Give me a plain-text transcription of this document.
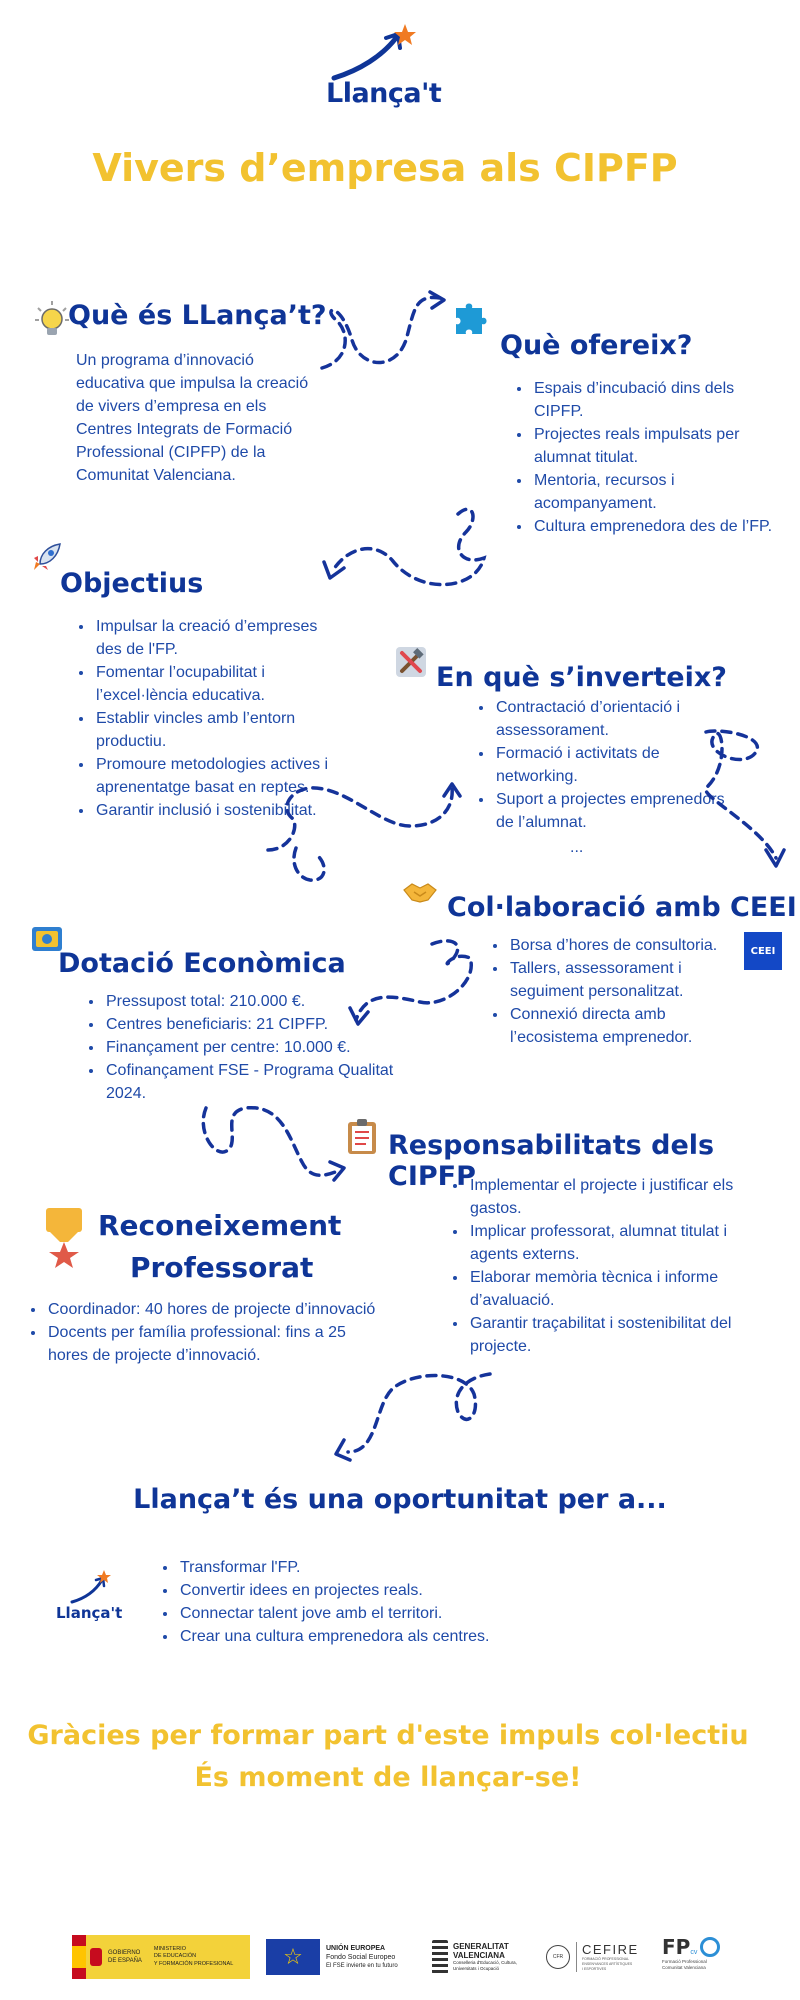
Llança't
Vivers d’empresa als CIPFP
Què és LLança’t?
Un programa d’innovació educativa que impulsa la creació de vivers d’empresa en els Centres Integrats de Formació Professional (CIPFP) de la Comunitat Valenciana.
Què ofereix?
• Espais d’incubació dins dels CIPFP.
• Projectes reals impulsats per alumnat titulat.
• Mentoria, recursos i acompanyament.
• Cultura emprenedora des de l’FP.
Objectius
• Impulsar la creació d’empreses des de l'FP.
• Fomentar l’ocupabilitat i l’excel·lència educativa.
• Establir vincles amb l’entorn productiu.
• Promoure metodologies actives i aprenentatge basat en reptes.
• Garantir inclusió i sostenibilitat.
En què s’inverteix?
• Contractació d’orientació i assessorament.
• Formació i activitats de networking.
• Suport a projectes emprenedors de l’alumnat.
...
Col·laboració amb CEEI
CEEI
• Borsa d’hores de consultoria.
• Tallers, assessorament i seguiment personalitzat.
• Connexió directa amb l’ecosistema emprenedor.
Dotació Econòmica
• Pressupost total: 210.000 €.
• Centres beneficiaris: 21 CIPFP.
• Finançament per centre: 10.000 €.
• Cofinançament FSE - Programa Qualitat 2024.
Responsabilitats dels CIPFP
• Implementar el projecte i justificar els gastos.
• Implicar professorat, alumnat titulat i agents externs.
• Elaborar memòria tècnica i informe d’avaluació.
• Garantir traçabilitat i sostenibilitat del projecte.
Reconeixement
Professorat
• Coordinador: 40 hores de projecte d’innovació
• Docents per família professional: fins a 25 hores de projecte d’innovació.
Llança’t és una oportunitat per a...
Llança't
• Transformar l'FP.
• Convertir idees en projectes reals.
• Connectar talent jove amb el territori.
• Crear una cultura emprenedora als centres.
Gràcies per formar part d'este impuls col·lectiu
És moment de llançar-se!
GOBIERNO
DE ESPAÑA
MINISTERIO
DE EDUCACIÓN
Y FORMACIÓN PROFESIONAL	☆	UNIÓN EUROPEA
Fondo Social Europeo
El FSE invierte en tu futuro
GENERALITAT
VALENCIANA
Conselleria d'Educació, Cultura,
Universitats i Ocupació
CFR CEFIRE
FORMACIÓ PROFESSIONAL
ENSENYANCES ARTÍSTIQUES
I ESPORTIVES
FP cv
Formació Professional
Comunitat Valenciana
